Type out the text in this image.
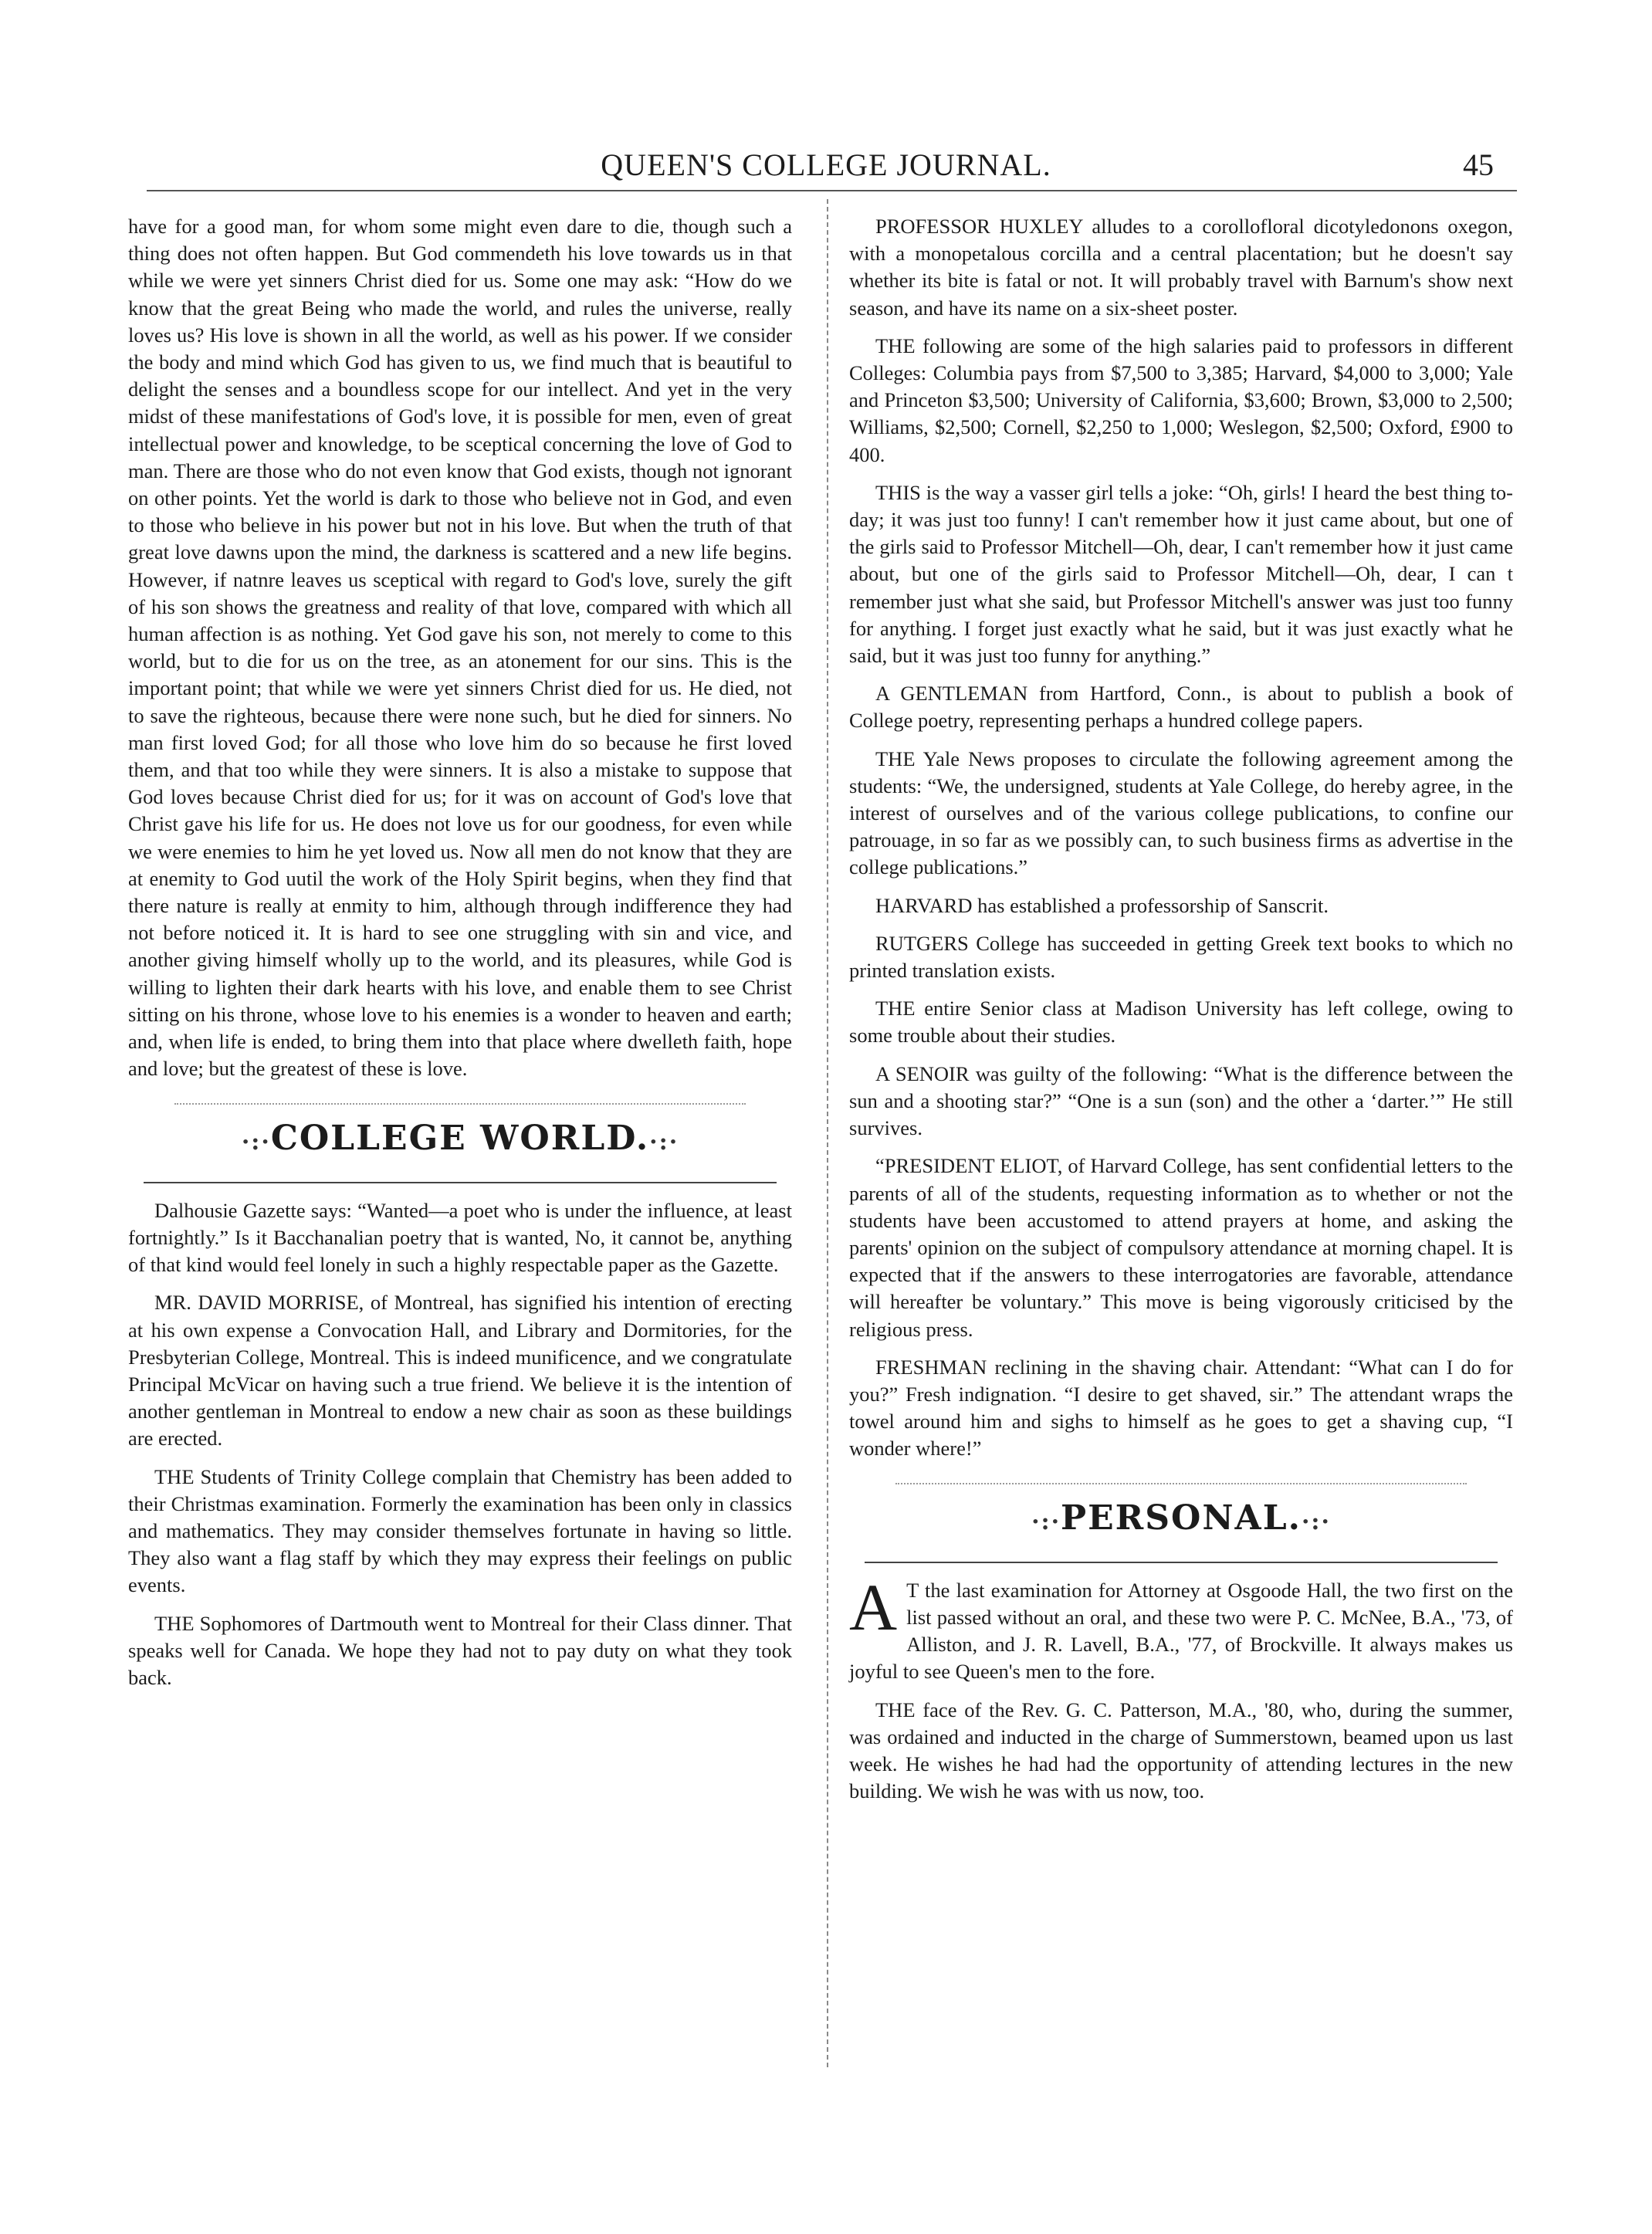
QUEEN'S COLLEGE JOURNAL.	45

have for a good man, for whom some might even dare to die, though such a thing does not often happen. But God commendeth his love towards us in that while we were yet sinners Christ died for us. Some one may ask: “How do we know that the great Being who made the world, and rules the universe, really loves us? His love is shown in all the world, as well as his power. If we consider the body and mind which God has given to us, we find much that is beautiful to delight the senses and a boundless scope for our intellect. And yet in the very midst of these manifestations of God's love, it is possible for men, even of great intellectual power and knowledge, to be sceptical concerning the love of God to man. There are those who do not even know that God exists, though not ignorant on other points. Yet the world is dark to those who believe not in God, and even to those who believe in his power but not in his love. But when the truth of that great love dawns upon the mind, the darkness is scattered and a new life begins. However, if natnre leaves us sceptical with regard to God's love, surely the gift of his son shows the greatness and reality of that love, compared with which all human affection is as nothing. Yet God gave his son, not merely to come to this world, but to die for us on the tree, as an atonement for our sins. This is the important point; that while we were yet sinners Christ died for us. He died, not to save the righteous, because there were none such, but he died for sinners. No man first loved God; for all those who love him do so because he first loved them, and that too while they were sinners. It is also a mistake to suppose that God loves because Christ died for us; for it was on account of God's love that Christ gave his life for us. He does not love us for our goodness, for even while we were enemies to him he yet loved us. Now all men do not know that they are at enemity to God uutil the work of the Holy Spirit begins, when they find that there nature is really at enmity to him, although through indifference they had not before noticed it. It is hard to see one struggling with sin and vice, and another giving himself wholly up to the world, and its pleasures, while God is willing to lighten their dark hearts with his love, and enable them to see Christ sitting on his throne, whose love to his enemies is a wonder to heaven and earth; and, when life is ended, to bring them into that place where dwelleth faith, hope and love; but the greatest of these is love.

·:·COLLEGE WORLD.·:·

Dalhousie Gazette says: “Wanted—a poet who is under the influence, at least fortnightly.” Is it Bacchanalian poetry that is wanted, No, it cannot be, anything of that kind would feel lonely in such a highly respectable paper as the Gazette.

MR. DAVID MORRISE, of Montreal, has signified his intention of erecting at his own expense a Convocation Hall, and Library and Dormitories, for the Presbyterian College, Montreal. This is indeed munificence, and we congratulate Principal McVicar on having such a true friend. We believe it is the intention of another gentleman in Montreal to endow a new chair as soon as these buildings are erected.

THE Students of Trinity College complain that Chemistry has been added to their Christmas examination. Formerly the examination has been only in classics and mathematics. They may consider themselves fortunate in having so little. They also want a flag staff by which they may express their feelings on public events.

THE Sophomores of Dartmouth went to Montreal for their Class dinner. That speaks well for Canada. We hope they had not to pay duty on what they took back.

PROFESSOR HUXLEY alludes to a corollofloral dicotyledonons oxegon, with a monopetalous corcilla and a central placentation; but he doesn't say whether its bite is fatal or not. It will probably travel with Barnum's show next season, and have its name on a six-sheet poster.

THE following are some of the high salaries paid to professors in different Colleges: Columbia pays from $7,500 to 3,385; Harvard, $4,000 to 3,000; Yale and Princeton $3,500; University of California, $3,600; Brown, $3,000 to 2,500; Williams, $2,500; Cornell, $2,250 to 1,000; Weslegon, $2,500; Oxford, £900 to 400.

THIS is the way a vasser girl tells a joke: “Oh, girls! I heard the best thing to-day; it was just too funny! I can't remember how it just came about, but one of the girls said to Professor Mitchell—Oh, dear, I can't remember how it just came about, but one of the girls said to Professor Mitchell—Oh, dear, I can t remember just what she said, but Professor Mitchell's answer was just too funny for anything. I forget just exactly what he said, but it was just exactly what he said, but it was just too funny for anything.”

A GENTLEMAN from Hartford, Conn., is about to publish a book of College poetry, representing perhaps a hundred college papers.

THE Yale News proposes to circulate the following agreement among the students: “We, the undersigned, students at Yale College, do hereby agree, in the interest of ourselves and of the various college publications, to confine our patrouage, in so far as we possibly can, to such business firms as advertise in the college publications.”

HARVARD has established a professorship of Sanscrit.

RUTGERS College has succeeded in getting Greek text books to which no printed translation exists.

THE entire Senior class at Madison University has left college, owing to some trouble about their studies.

A SENOIR was guilty of the following: “What is the difference between the sun and a shooting star?” “One is a sun (son) and the other a ‘darter.’” He still survives.

“PRESIDENT ELIOT, of Harvard College, has sent confidential letters to the parents of all of the students, requesting information as to whether or not the students have been accustomed to attend prayers at home, and asking the parents' opinion on the subject of compulsory attendance at morning chapel. It is expected that if the answers to these interrogatories are favorable, attendance will hereafter be voluntary.” This move is being vigorously criticised by the religious press.

FRESHMAN reclining in the shaving chair. Attendant: “What can I do for you?” Fresh indignation. “I desire to get shaved, sir.” The attendant wraps the towel around him and sighs to himself as he goes to get a shaving cup, “I wonder where!”

·:·PERSONAL.·:·

A T the last examination for Attorney at Osgoode Hall, the two first on the list passed without an oral, and these two were P. C. McNee, B.A., '73, of Alliston, and J. R. Lavell, B.A., '77, of Brockville. It always makes us joyful to see Queen's men to the fore.

THE face of the Rev. G. C. Patterson, M.A., '80, who, during the summer, was ordained and inducted in the charge of Summerstown, beamed upon us last week. He wishes he had had the opportunity of attending lectures in the new building. We wish he was with us now, too.
